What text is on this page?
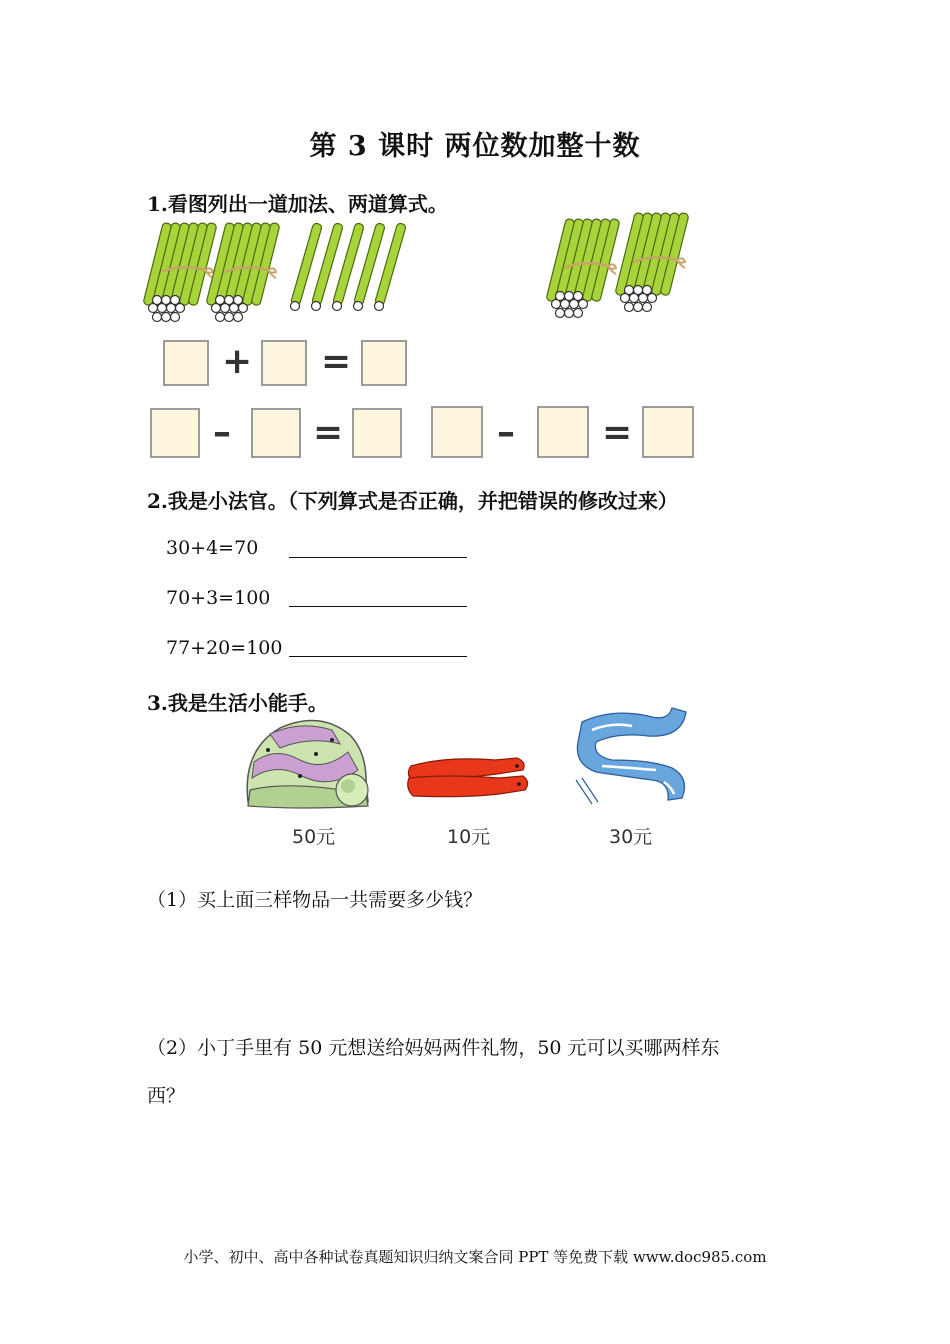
第 3 课时 两位数加整十数
1.看图列出一道加法、两道算式。
+ =
– =	– =
2.我是小法官。（下列算式是否正确，并把错误的修改过来）
30+4=70
70+3=100
77+20=100
3.我是生活小能手。
50元	10元	30元
（1）买上面三样物品一共需要多少钱？
（2）小丁手里有 50 元想送给妈妈两件礼物，50 元可以买哪两样东
西？
小学、初中、高中各种试卷真题知识归纳文案合同 PPT 等免费下载 www.doc985.com
